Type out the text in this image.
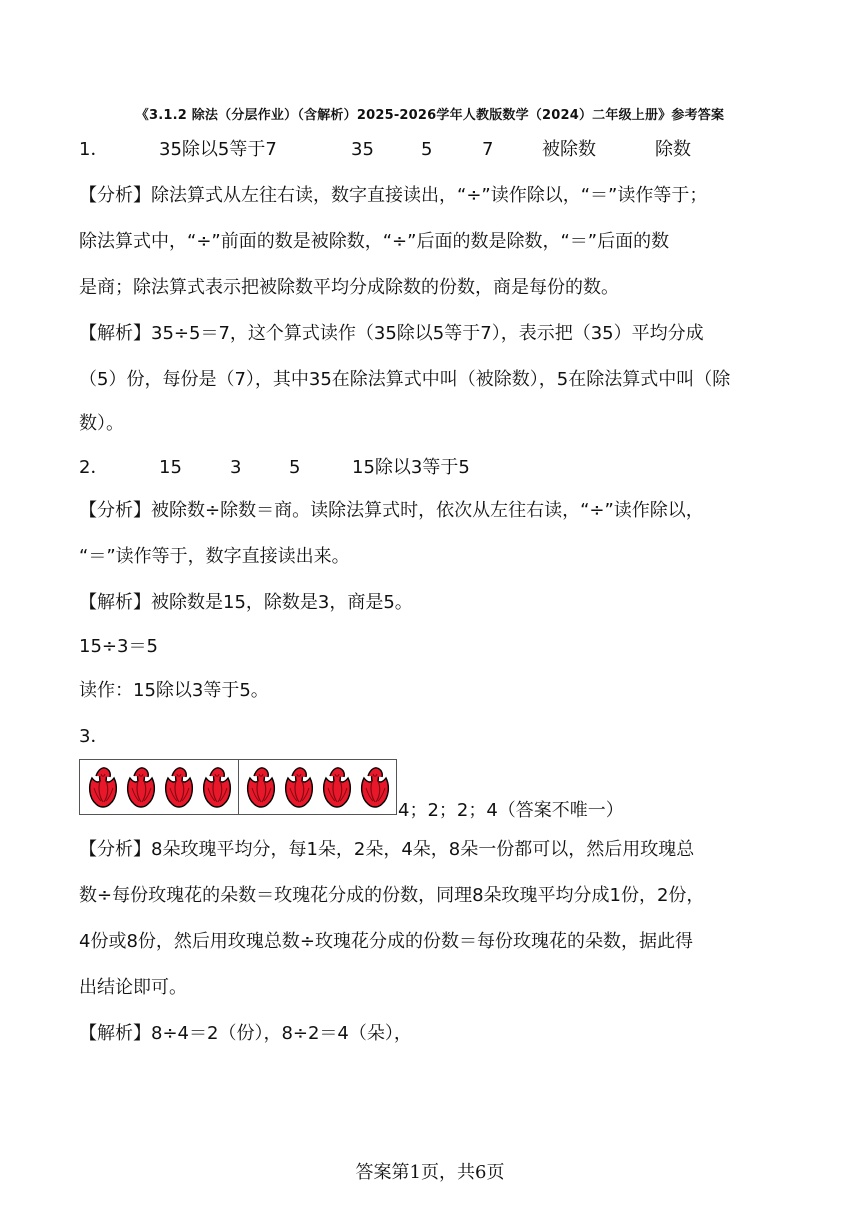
《3.1.2 除法（分层作业）（含解析）2025-2026学年人教版数学（2024）二年级上册》参考答案
1．	35除以5等于7	35	5	7	被除数	除数
【分析】除法算式从左往右读，数字直接读出，“÷”读作除以，“＝”读作等于；
除法算式中，“÷”前面的数是被除数，“÷”后面的数是除数，“＝”后面的数
是商；除法算式表示把被除数平均分成除数的份数，商是每份的数。
【解析】35÷5＝7，这个算式读作（35除以5等于7），表示把（35）平均分成
（5）份，每份是（7），其中35在除法算式中叫（被除数），5在除法算式中叫（除
数）。
2．	15	3	5	15除以3等于5
【分析】被除数÷除数＝商。读除法算式时，依次从左往右读，“÷”读作除以，
“＝”读作等于，数字直接读出来。
【解析】被除数是15，除数是3，商是5。
15÷3＝5
读作：15除以3等于5。
3．
4；2；2；4（答案不唯一）
【分析】8朵玫瑰平均分，每1朵，2朵，4朵，8朵一份都可以，然后用玫瑰总
数÷每份玫瑰花的朵数＝玫瑰花分成的份数，同理8朵玫瑰平均分成1份，2份，
4份或8份，然后用玫瑰总数÷玫瑰花分成的份数＝每份玫瑰花的朵数，据此得
出结论即可。
【解析】8÷4＝2（份），8÷2＝4（朵），
答案第1页，共6页
